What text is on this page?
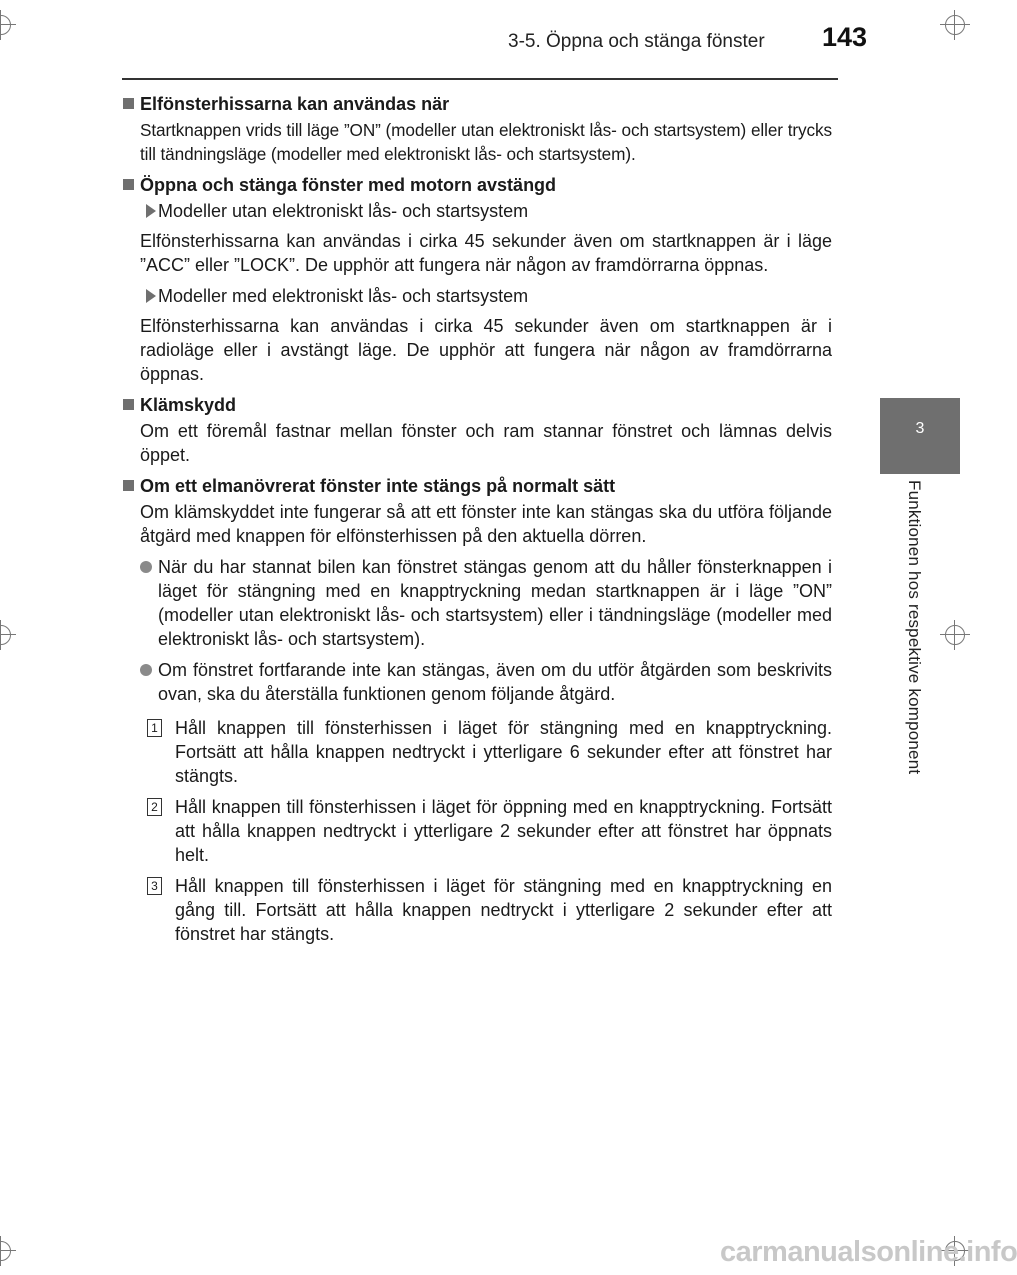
3-5. Öppna och stänga fönster 143
3
Funktionen hos respektive komponent
Elfönsterhissarna kan användas när
Startknappen vrids till läge ”ON” (modeller utan elektroniskt lås- och startsystem) eller trycks till tändningsläge (modeller med elektroniskt lås- och startsystem).
Öppna och stänga fönster med motorn avstängd
Modeller utan elektroniskt lås- och startsystem
Elfönsterhissarna kan användas i cirka 45 sekunder även om startknappen är i läge ”ACC” eller ”LOCK”. De upphör att fungera när någon av framdörrarna öppnas.
Modeller med elektroniskt lås- och startsystem
Elfönsterhissarna kan användas i cirka 45 sekunder även om startknappen är i radioläge eller i avstängt läge. De upphör att fungera när någon av framdörrarna öppnas.
Klämskydd
Om ett föremål fastnar mellan fönster och ram stannar fönstret och lämnas delvis öppet.
Om ett elmanövrerat fönster inte stängs på normalt sätt
Om klämskyddet inte fungerar så att ett fönster inte kan stängas ska du utföra följande åtgärd med knappen för elfönsterhissen på den aktuella dörren.
När du har stannat bilen kan fönstret stängas genom att du håller fönsterknappen i läget för stängning med en knapptryckning medan startknappen är i läge ”ON” (modeller utan elektroniskt lås- och startsystem) eller i tändningsläge (modeller med elektroniskt lås- och startsystem).
Om fönstret fortfarande inte kan stängas, även om du utför åtgärden som beskrivits ovan, ska du återställa funktionen genom följande åtgärd.
1 Håll knappen till fönsterhissen i läget för stängning med en knapptryckning. Fortsätt att hålla knappen nedtryckt i ytterligare 6 sekunder efter att fönstret har stängts.
2 Håll knappen till fönsterhissen i läget för öppning med en knapptryckning. Fortsätt att hålla knappen nedtryckt i ytterligare 2 sekunder efter att fönstret har öppnats helt.
3 Håll knappen till fönsterhissen i läget för stängning med en knapptryckning en gång till. Fortsätt att hålla knappen nedtryckt i ytterligare 2 sekunder efter att fönstret har stängts.
carmanualsonline.info
